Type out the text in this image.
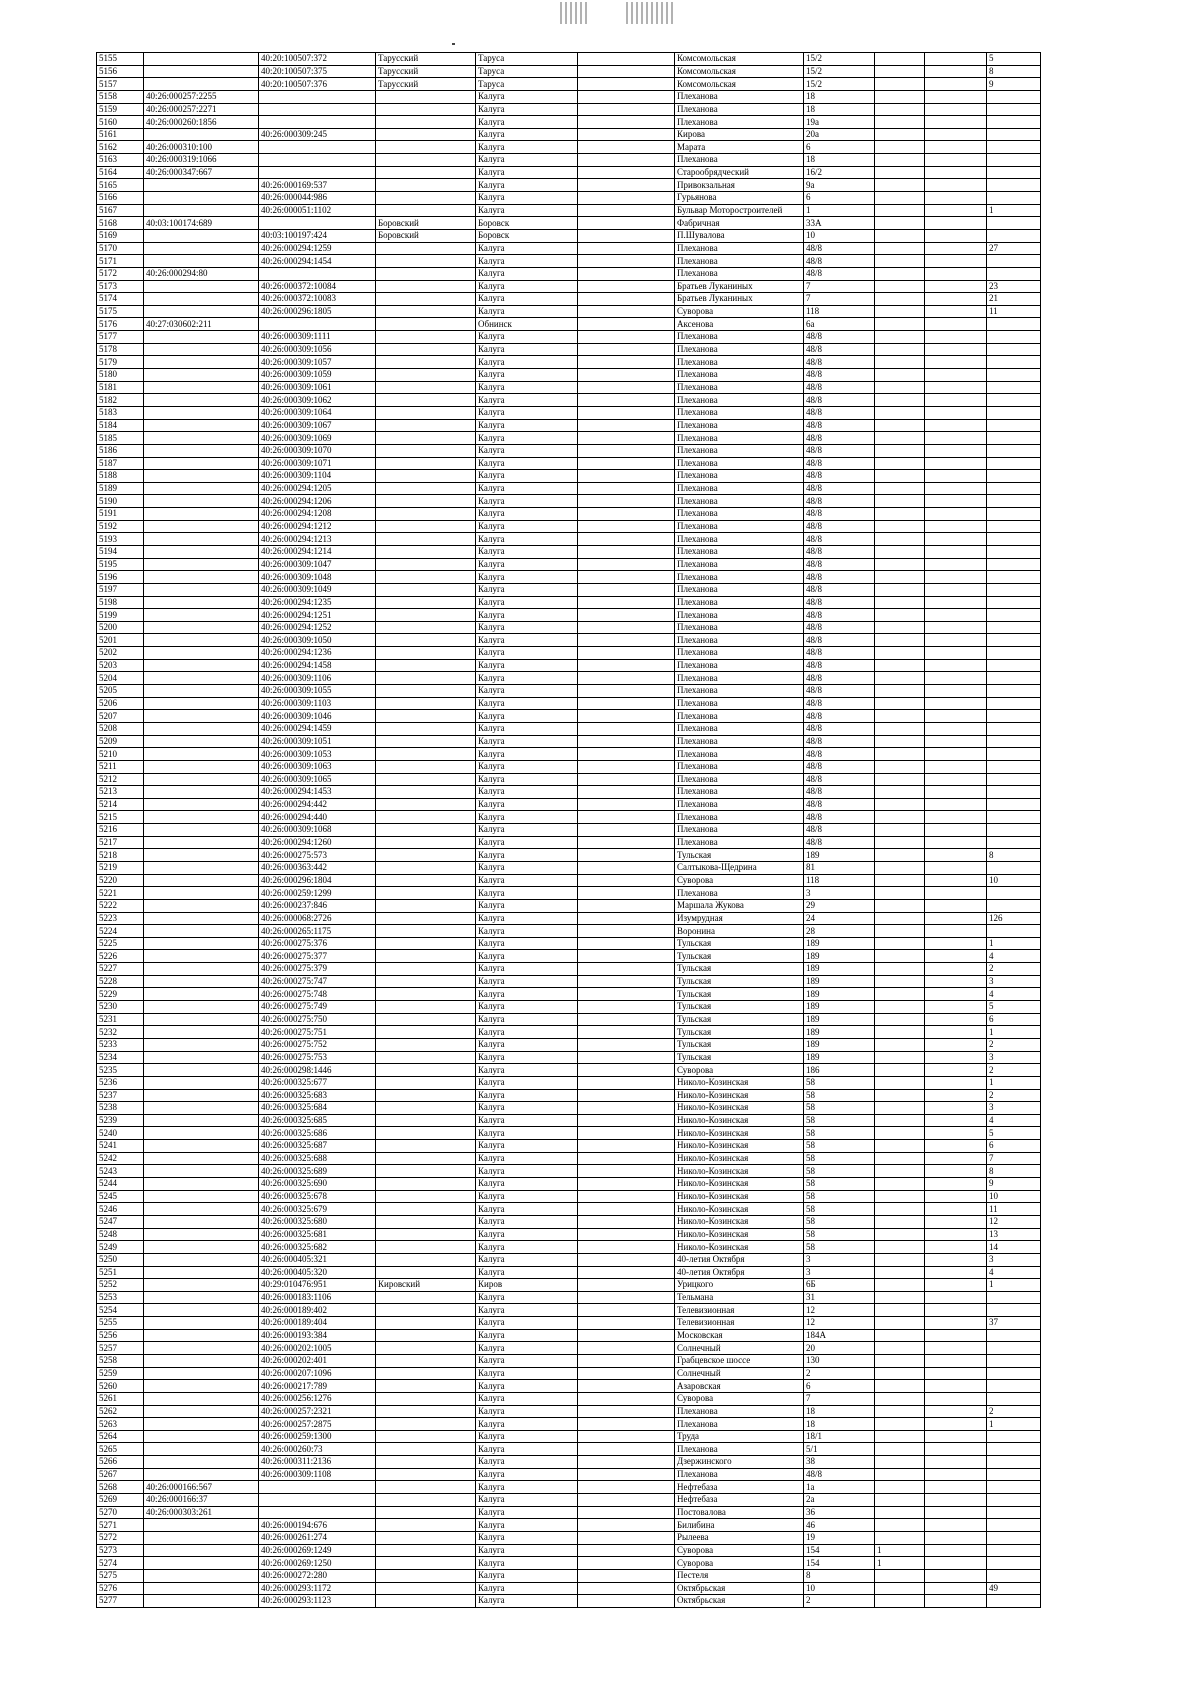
5155		40:20:100507:372	Тарусский	Таруса		Комсомольская	15/2			5
5156		40:20:100507:375	Тарусский	Таруса		Комсомольская	15/2			8
5157		40:20:100507:376	Тарусский	Таруса		Комсомольская	15/2			9
5158	40:26:000257:2255			Калуга		Плеханова	18			
5159	40:26:000257:2271			Калуга		Плеханова	18			
5160	40:26:000260:1856			Калуга		Плеханова	19а			
5161		40:26:000309:245		Калуга		Кирова	20а			
5162	40:26:000310:100			Калуга		Марата	6			
5163	40:26:000319:1066			Калуга		Плеханова	18			
5164	40:26:000347:667			Калуга		Старообрядческий	16/2			
5165		40:26:000169:537		Калуга		Привокзальная	9а			
5166		40:26:000044:986		Калуга		Гурьянова	6			
5167		40:26:000051:1102		Калуга		Бульвар Моторостроителей	1			1
5168	40:03:100174:689		Боровский	Боровск		Фабричная	33А			
5169		40:03:100197:424	Боровский	Боровск		П.Шувалова	10			
5170		40:26:000294:1259		Калуга		Плеханова	48/8			27
5171		40:26:000294:1454		Калуга		Плеханова	48/8			
5172	40:26:000294:80			Калуга		Плеханова	48/8			
5173		40:26:000372:10084		Калуга		Братьев Луканиных	7			23
5174		40:26:000372:10083		Калуга		Братьев Луканиных	7			21
5175		40:26:000296:1805		Калуга		Суворова	118			11
5176	40:27:030602:211			Обнинск		Аксенова	6а			
5177		40:26:000309:1111		Калуга		Плеханова	48/8			
5178		40:26:000309:1056		Калуга		Плеханова	48/8			
5179		40:26:000309:1057		Калуга		Плеханова	48/8			
5180		40:26:000309:1059		Калуга		Плеханова	48/8			
5181		40:26:000309:1061		Калуга		Плеханова	48/8			
5182		40:26:000309:1062		Калуга		Плеханова	48/8			
5183		40:26:000309:1064		Калуга		Плеханова	48/8			
5184		40:26:000309:1067		Калуга		Плеханова	48/8			
5185		40:26:000309:1069		Калуга		Плеханова	48/8			
5186		40:26:000309:1070		Калуга		Плеханова	48/8			
5187		40:26:000309:1071		Калуга		Плеханова	48/8			
5188		40:26:000309:1104		Калуга		Плеханова	48/8			
5189		40:26:000294:1205		Калуга		Плеханова	48/8			
5190		40:26:000294:1206		Калуга		Плеханова	48/8			
5191		40:26:000294:1208		Калуга		Плеханова	48/8			
5192		40:26:000294:1212		Калуга		Плеханова	48/8			
5193		40:26:000294:1213		Калуга		Плеханова	48/8			
5194		40:26:000294:1214		Калуга		Плеханова	48/8			
5195		40:26:000309:1047		Калуга		Плеханова	48/8			
5196		40:26:000309:1048		Калуга		Плеханова	48/8			
5197		40:26:000309:1049		Калуга		Плеханова	48/8			
5198		40:26:000294:1235		Калуга		Плеханова	48/8			
5199		40:26:000294:1251		Калуга		Плеханова	48/8			
5200		40:26:000294:1252		Калуга		Плеханова	48/8			
5201		40:26:000309:1050		Калуга		Плеханова	48/8			
5202		40:26:000294:1236		Калуга		Плеханова	48/8			
5203		40:26:000294:1458		Калуга		Плеханова	48/8			
5204		40:26:000309:1106		Калуга		Плеханова	48/8			
5205		40:26:000309:1055		Калуга		Плеханова	48/8			
5206		40:26:000309:1103		Калуга		Плеханова	48/8			
5207		40:26:000309:1046		Калуга		Плеханова	48/8			
5208		40:26:000294:1459		Калуга		Плеханова	48/8			
5209		40:26:000309:1051		Калуга		Плеханова	48/8			
5210		40:26:000309:1053		Калуга		Плеханова	48/8			
5211		40:26:000309:1063		Калуга		Плеханова	48/8			
5212		40:26:000309:1065		Калуга		Плеханова	48/8			
5213		40:26:000294:1453		Калуга		Плеханова	48/8			
5214		40:26:000294:442		Калуга		Плеханова	48/8			
5215		40:26:000294:440		Калуга		Плеханова	48/8			
5216		40:26:000309:1068		Калуга		Плеханова	48/8			
5217		40:26:000294:1260		Калуга		Плеханова	48/8			
5218		40:26:000275:573		Калуга		Тульская	189			8
5219		40:26:000363:442		Калуга		Салтыкова-Щедрина	81			
5220		40:26:000296:1804		Калуга		Суворова	118			10
5221		40:26:000259:1299		Калуга		Плеханова	3			
5222		40:26:000237:846		Калуга		Маршала Жукова	29			
5223		40:26:000068:2726		Калуга		Изумрудная	24			126
5224		40:26:000265:1175		Калуга		Воронина	28			
5225		40:26:000275:376		Калуга		Тульская	189			1
5226		40:26:000275:377		Калуга		Тульская	189			4
5227		40:26:000275:379		Калуга		Тульская	189			2
5228		40:26:000275:747		Калуга		Тульская	189			3
5229		40:26:000275:748		Калуга		Тульская	189			4
5230		40:26:000275:749		Калуга		Тульская	189			5
5231		40:26:000275:750		Калуга		Тульская	189			6
5232		40:26:000275:751		Калуга		Тульская	189			1
5233		40:26:000275:752		Калуга		Тульская	189			2
5234		40:26:000275:753		Калуга		Тульская	189			3
5235		40:26:000298:1446		Калуга		Суворова	186			2
5236		40:26:000325:677		Калуга		Николо-Козинская	58			1
5237		40:26:000325:683		Калуга		Николо-Козинская	58			2
5238		40:26:000325:684		Калуга		Николо-Козинская	58			3
5239		40:26:000325:685		Калуга		Николо-Козинская	58			4
5240		40:26:000325:686		Калуга		Николо-Козинская	58			5
5241		40:26:000325:687		Калуга		Николо-Козинская	58			6
5242		40:26:000325:688		Калуга		Николо-Козинская	58			7
5243		40:26:000325:689		Калуга		Николо-Козинская	58			8
5244		40:26:000325:690		Калуга		Николо-Козинская	58			9
5245		40:26:000325:678		Калуга		Николо-Козинская	58			10
5246		40:26:000325:679		Калуга		Николо-Козинская	58			11
5247		40:26:000325:680		Калуга		Николо-Козинская	58			12
5248		40:26:000325:681		Калуга		Николо-Козинская	58			13
5249		40:26:000325:682		Калуга		Николо-Козинская	58			14
5250		40:26:000405:321		Калуга		40-летия Октября	3			3
5251		40:26:000405:320		Калуга		40-летия Октября	3			4
5252		40:29:010476:951	Кировский	Киров		Урицкого	6Б			1
5253		40:26:000183:1106		Калуга		Тельмана	31			
5254		40:26:000189:402		Калуга		Телевизионная	12			
5255		40:26:000189:404		Калуга		Телевизионная	12			37
5256		40:26:000193:384		Калуга		Московская	184А			
5257		40:26:000202:1005		Калуга		Солнечный	20			
5258		40:26:000202:401		Калуга		Грабцевское шоссе	130			
5259		40:26:000207:1096		Калуга		Солнечный	2			
5260		40:26:000217:789		Калуга		Азаровская	6			
5261		40:26:000256:1276		Калуга		Суворова	7			
5262		40:26:000257:2321		Калуга		Плеханова	18			2
5263		40:26:000257:2875		Калуга		Плеханова	18			1
5264		40:26:000259:1300		Калуга		Труда	18/1			
5265		40:26:000260:73		Калуга		Плеханова	5/1			
5266		40:26:000311:2136		Калуга		Дзержинского	38			
5267		40:26:000309:1108		Калуга		Плеханова	48/8			
5268	40:26:000166:567			Калуга		Нефтебаза	1а			
5269	40:26:000166:37			Калуга		Нефтебаза	2а			
5270	40:26:000303:261			Калуга		Постовалова	36			
5271		40:26:000194:676		Калуга		Билибина	46			
5272		40:26:000261:274		Калуга		Рылеева	19			
5273		40:26:000269:1249		Калуга		Суворова	154	1		
5274		40:26:000269:1250		Калуга		Суворова	154	1		
5275		40:26:000272:280		Калуга		Пестеля	8			
5276		40:26:000293:1172		Калуга		Октябрьская	10			49
5277		40:26:000293:1123		Калуга		Октябрьская	2			
